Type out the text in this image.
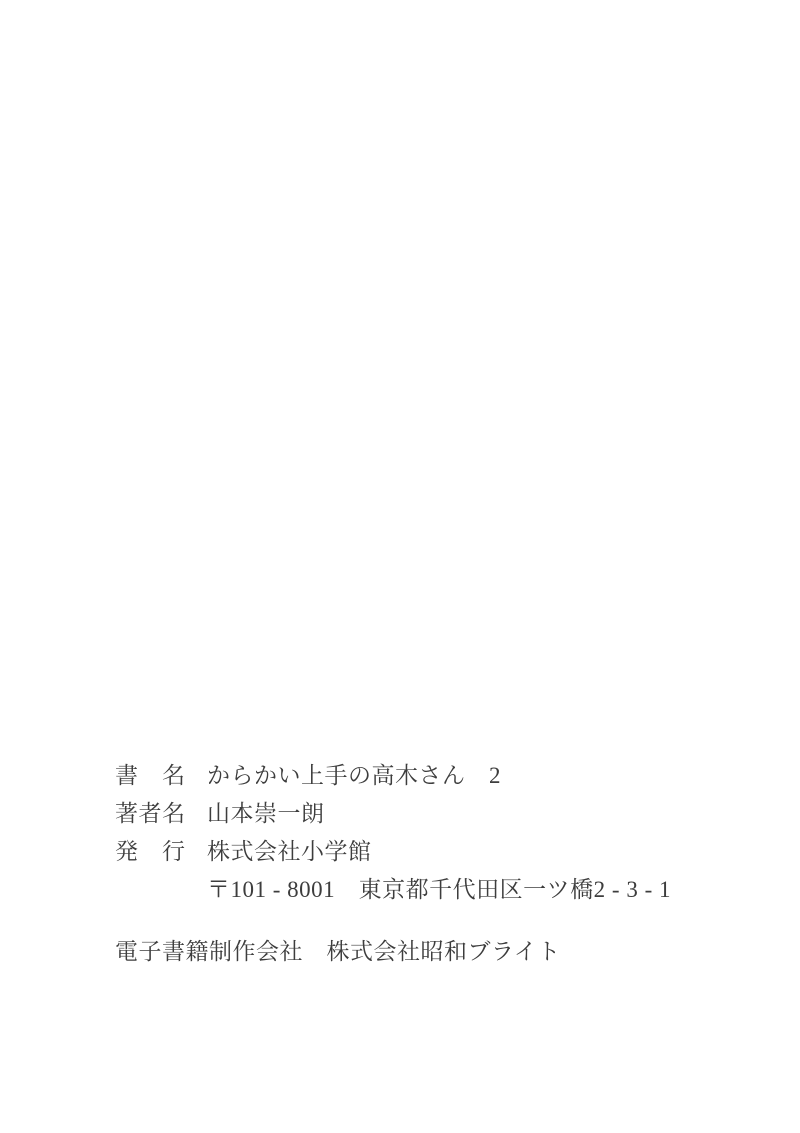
書　名 からかい上手の高木さん　2
著者名 山本崇一朗
発　行 株式会社小学館
〒101 - 8001　東京都千代田区一ツ橋2 - 3 - 1
電子書籍制作会社　株式会社昭和ブライト
